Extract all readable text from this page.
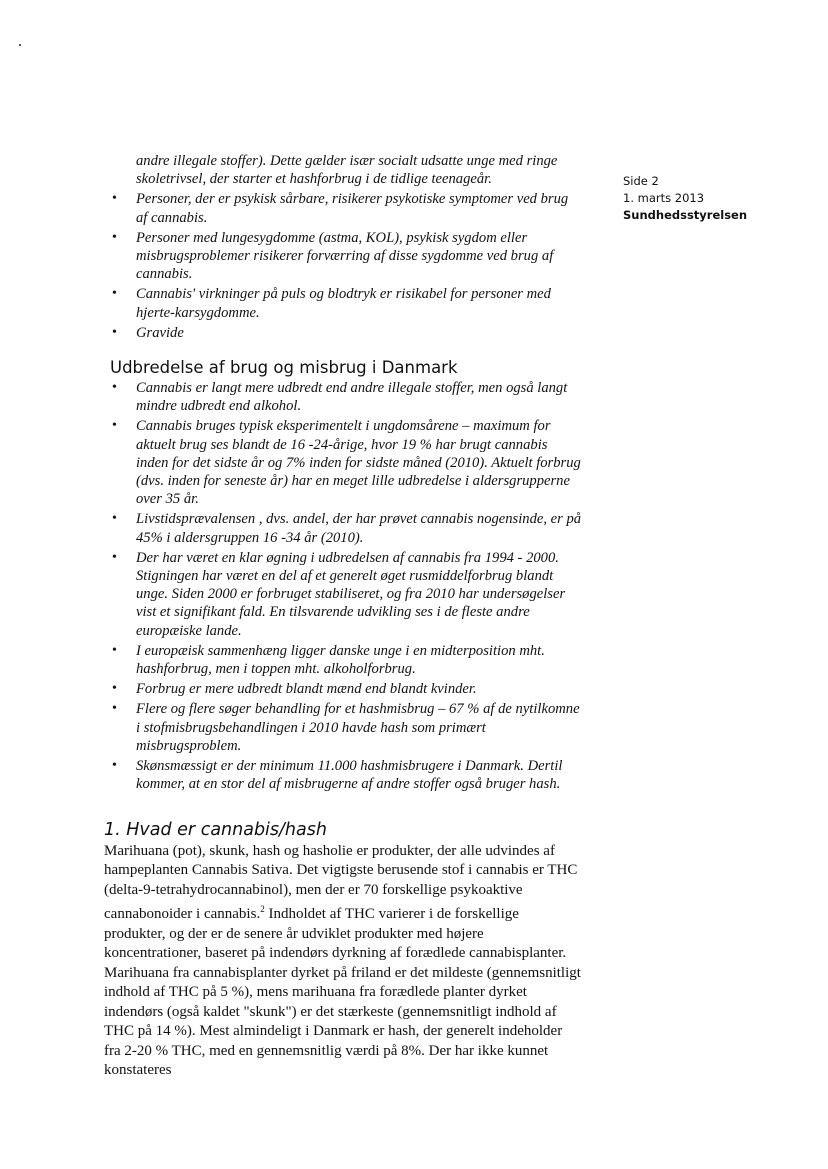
Side 2
1. marts 2013
Sundhedsstyrelsen
andre illegale stoffer). Dette gælder især socialt udsatte unge med ringe skoletrivsel, der starter et hashforbrug i de tidlige teenageår.
• Personer, der er psykisk sårbare, risikerer psykotiske symptomer ved brug af cannabis.
• Personer med lungesygdomme (astma, KOL), psykisk sygdom eller misbrugsproblemer risikerer forværring af disse sygdomme ved brug af cannabis.
• Cannabis' virkninger på puls og blodtryk er risikabel for personer med hjerte-karsygdomme.
• Gravide
Udbredelse af brug og misbrug i Danmark
• Cannabis er langt mere udbredt end andre illegale stoffer, men også langt mindre udbredt end alkohol.
• Cannabis bruges typisk eksperimentelt i ungdomsårene – maximum for aktuelt brug ses blandt de 16 -24-årige, hvor 19 % har brugt cannabis inden for det sidste år og 7% inden for sidste måned (2010). Aktuelt forbrug (dvs. inden for seneste år) har en meget lille udbredelse i aldersgrupperne over 35 år.
• Livstidsprævalensen , dvs. andel, der har prøvet cannabis nogensinde, er på 45% i aldersgruppen 16 -34 år (2010).
• Der har været en klar øgning i udbredelsen af cannabis fra 1994 - 2000. Stigningen har været en del af et generelt øget rusmiddelforbrug blandt unge. Siden 2000 er forbruget stabiliseret, og fra 2010 har undersøgelser vist et signifikant fald. En tilsvarende udvikling ses i de fleste andre europæiske lande.
• I europæisk sammenhæng ligger danske unge i en midterposition mht. hashforbrug, men i toppen mht. alkoholforbrug.
• Forbrug er mere udbredt blandt mænd end blandt kvinder.
• Flere og flere søger behandling for et hashmisbrug – 67 % af de nytilkomne i stofmisbrugsbehandlingen i 2010 havde hash som primært misbrugsproblem.
• Skønsmæssigt er der minimum 11.000 hashmisbrugere i Danmark. Dertil kommer, at en stor del af misbrugerne af andre stoffer også bruger hash.
1. Hvad er cannabis/hash

Marihuana (pot), skunk, hash og hasholie er produkter, der alle udvindes af hampeplanten Cannabis Sativa. Det vigtigste berusende stof i cannabis er THC (delta-9-tetrahydrocannabinol), men der er 70 forskellige psykoaktive cannabonoider i cannabis.$^2$ Indholdet af THC varierer i de forskellige produkter, og der er de senere år udviklet produkter med højere koncentrationer, baseret på indendørs dyrkning af forædlede cannabisplanter. Marihuana fra cannabisplanter dyrket på friland er det mildeste (gennemsnitligt indhold af THC på 5 %), mens marihuana fra forædlede planter dyrket indendørs (også kaldet "skunk") er det stærkeste (gennemsnitligt indhold af THC på 14 %). Mest almindeligt i Danmark er hash, der generelt indeholder fra 2-20 % THC, med en gennemsnitlig værdi på 8%. Der har ikke kunnet konstateres
